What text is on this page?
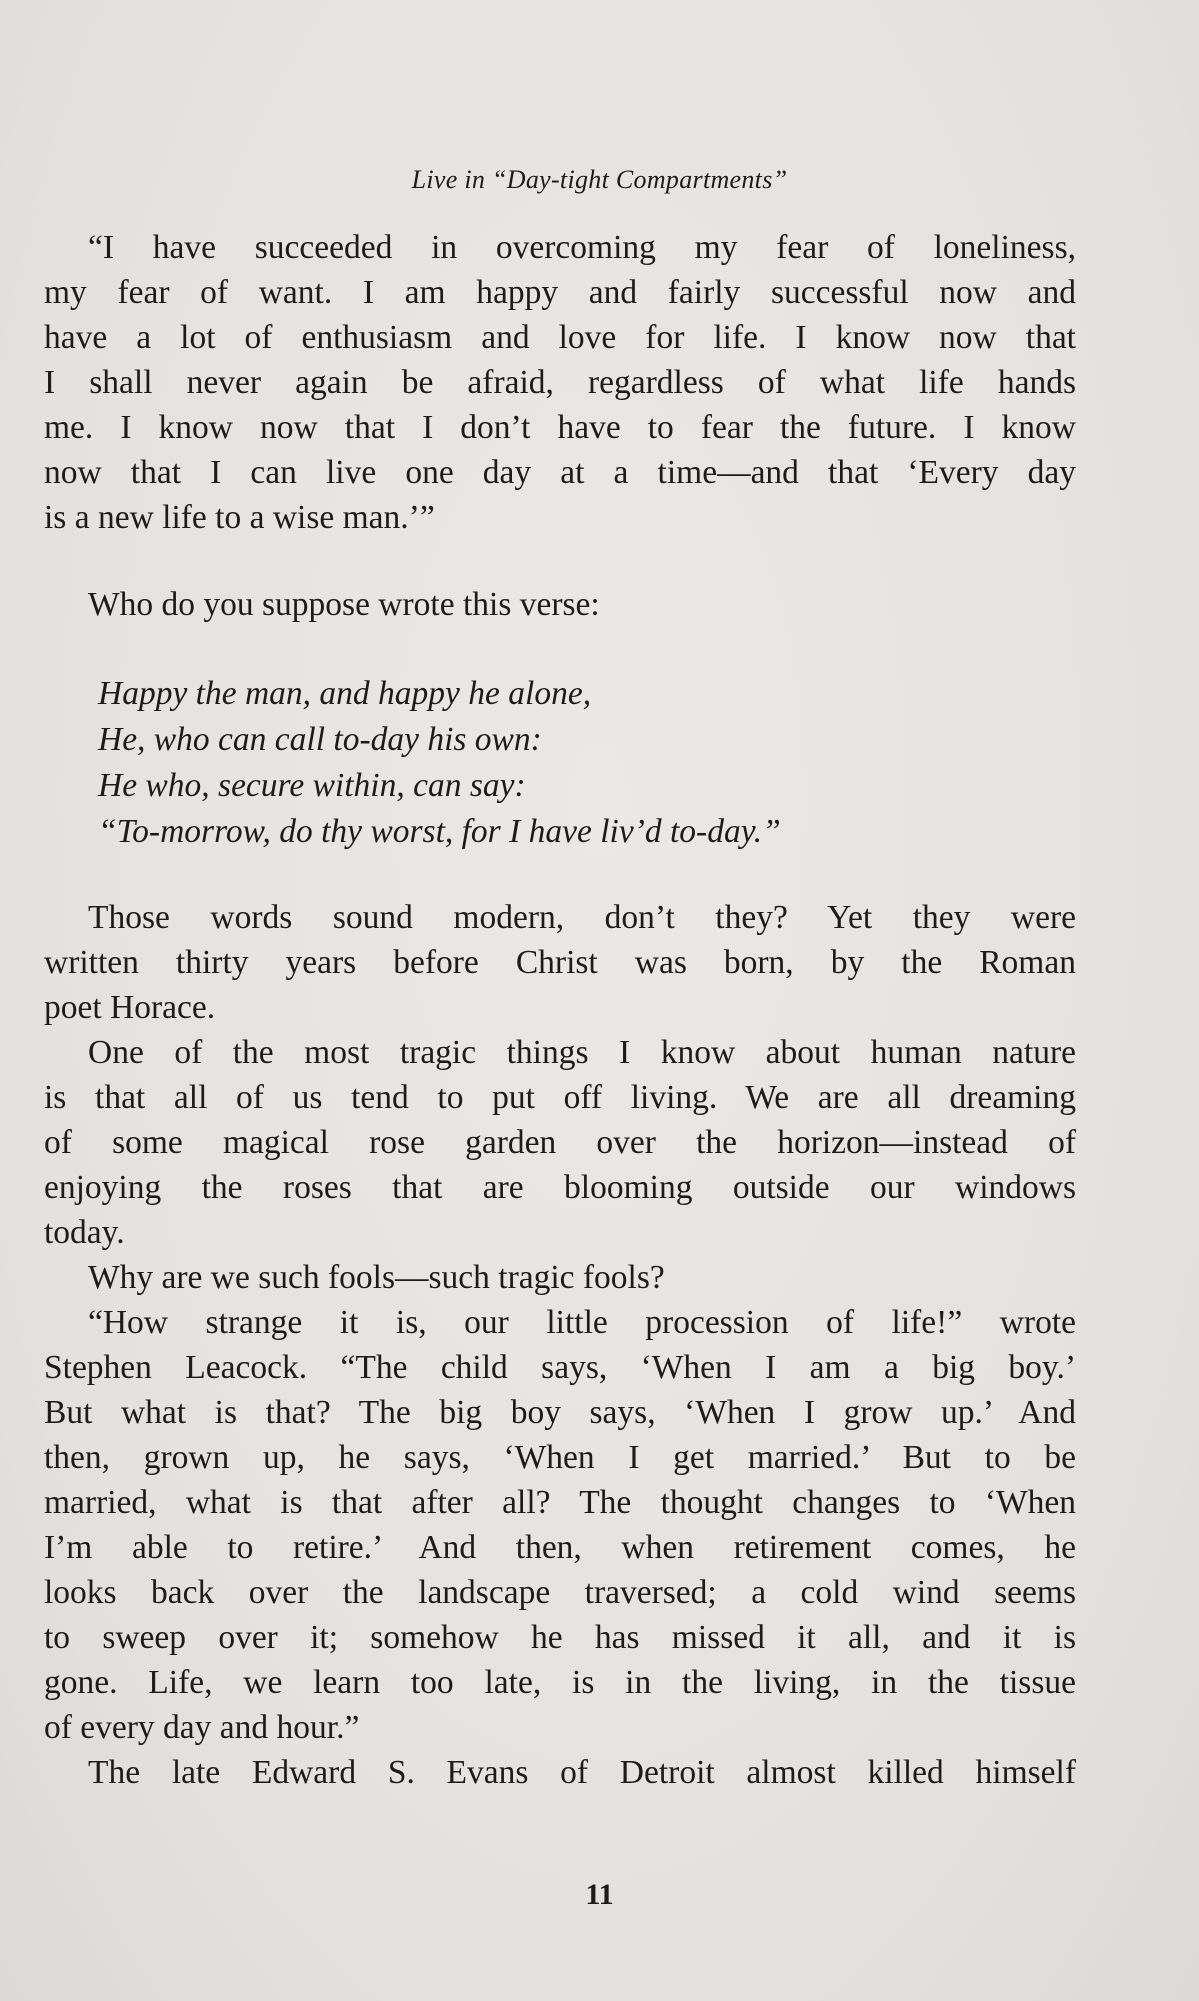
Live in “Day-tight Compartments”
“I have succeeded in overcoming my fear of loneliness,
my fear of want. I am happy and fairly successful now and
have a lot of enthusiasm and love for life. I know now that
I shall never again be afraid, regardless of what life hands
me. I know now that I don’t have to fear the future. I know
now that I can live one day at a time—and that ‘Every day
is a new life to a wise man.’”
Who do you suppose wrote this verse:
Happy the man, and happy he alone,
He, who can call to-day his own:
He who, secure within, can say:
“To-morrow, do thy worst, for I have liv’d to-day.”
Those words sound modern, don’t they? Yet they were
written thirty years before Christ was born, by the Roman
poet Horace.
One of the most tragic things I know about human nature
is that all of us tend to put off living. We are all dreaming
of some magical rose garden over the horizon—instead of
enjoying the roses that are blooming outside our windows
today.
Why are we such fools—such tragic fools?
“How strange it is, our little procession of life!” wrote
Stephen Leacock. “The child says, ‘When I am a big boy.’
But what is that? The big boy says, ‘When I grow up.’ And
then, grown up, he says, ‘When I get married.’ But to be
married, what is that after all? The thought changes to ‘When
I’m able to retire.’ And then, when retirement comes, he
looks back over the landscape traversed; a cold wind seems
to sweep over it; somehow he has missed it all, and it is
gone. Life, we learn too late, is in the living, in the tissue
of every day and hour.”
The late Edward S. Evans of Detroit almost killed himself
11
